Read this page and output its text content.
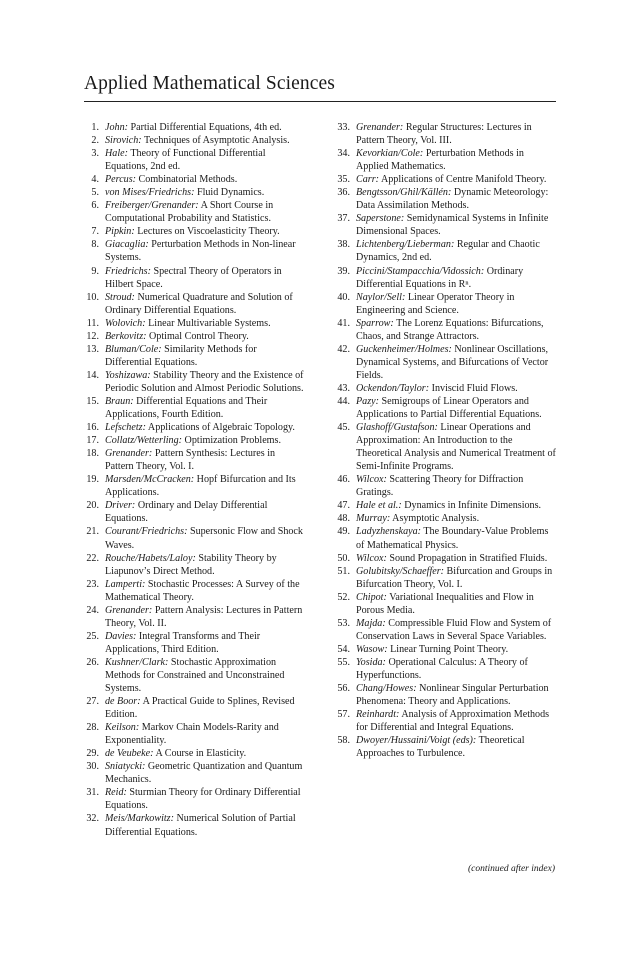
Applied Mathematical Sciences
1. John: Partial Differential Equations, 4th ed.
2. Sirovich: Techniques of Asymptotic Analysis.
3. Hale: Theory of Functional Differential Equations, 2nd ed.
4. Percus: Combinatorial Methods.
5. von Mises/Friedrichs: Fluid Dynamics.
6. Freiberger/Grenander: A Short Course in Computational Probability and Statistics.
7. Pipkin: Lectures on Viscoelasticity Theory.
8. Giacaglia: Perturbation Methods in Non-linear Systems.
9. Friedrichs: Spectral Theory of Operators in Hilbert Space.
10. Stroud: Numerical Quadrature and Solution of Ordinary Differential Equations.
11. Wolovich: Linear Multivariable Systems.
12. Berkovitz: Optimal Control Theory.
13. Bluman/Cole: Similarity Methods for Differential Equations.
14. Yoshizawa: Stability Theory and the Existence of Periodic Solution and Almost Periodic Solutions.
15. Braun: Differential Equations and Their Applications, Fourth Edition.
16. Lefschetz: Applications of Algebraic Topology.
17. Collatz/Wetterling: Optimization Problems.
18. Grenander: Pattern Synthesis: Lectures in Pattern Theory, Vol. I.
19. Marsden/McCracken: Hopf Bifurcation and Its Applications.
20. Driver: Ordinary and Delay Differential Equations.
21. Courant/Friedrichs: Supersonic Flow and Shock Waves.
22. Rouche/Habets/Laloy: Stability Theory by Liapunov’s Direct Method.
23. Lamperti: Stochastic Processes: A Survey of the Mathematical Theory.
24. Grenander: Pattern Analysis: Lectures in Pattern Theory, Vol. II.
25. Davies: Integral Transforms and Their Applications, Third Edition.
26. Kushner/Clark: Stochastic Approximation Methods for Constrained and Unconstrained Systems.
27. de Boor: A Practical Guide to Splines, Revised Edition.
28. Keilson: Markov Chain Models-Rarity and Exponentiality.
29. de Veubeke: A Course in Elasticity.
30. Sniatycki: Geometric Quantization and Quantum Mechanics.
31. Reid: Sturmian Theory for Ordinary Differential Equations.
32. Meis/Markowitz: Numerical Solution of Partial Differential Equations.
33. Grenander: Regular Structures: Lectures in Pattern Theory, Vol. III.
34. Kevorkian/Cole: Perturbation Methods in Applied Mathematics.
35. Carr: Applications of Centre Manifold Theory.
36. Bengtsson/Ghil/Källén: Dynamic Meteorology: Data Assimilation Methods.
37. Saperstone: Semidynamical Systems in Infinite Dimensional Spaces.
38. Lichtenberg/Lieberman: Regular and Chaotic Dynamics, 2nd ed.
39. Piccini/Stampacchia/Vidossich: Ordinary Differential Equations in Rⁿ.
40. Naylor/Sell: Linear Operator Theory in Engineering and Science.
41. Sparrow: The Lorenz Equations: Bifurcations, Chaos, and Strange Attractors.
42. Guckenheimer/Holmes: Nonlinear Oscillations, Dynamical Systems, and Bifurcations of Vector Fields.
43. Ockendon/Taylor: Inviscid Fluid Flows.
44. Pazy: Semigroups of Linear Operators and Applications to Partial Differential Equations.
45. Glashoff/Gustafson: Linear Operations and Approximation: An Introduction to the Theoretical Analysis and Numerical Treatment of Semi-Infinite Programs.
46. Wilcox: Scattering Theory for Diffraction Gratings.
47. Hale et al.: Dynamics in Infinite Dimensions.
48. Murray: Asymptotic Analysis.
49. Ladyzhenskaya: The Boundary-Value Problems of Mathematical Physics.
50. Wilcox: Sound Propagation in Stratified Fluids.
51. Golubitsky/Schaeffer: Bifurcation and Groups in Bifurcation Theory, Vol. I.
52. Chipot: Variational Inequalities and Flow in Porous Media.
53. Majda: Compressible Fluid Flow and System of Conservation Laws in Several Space Variables.
54. Wasow: Linear Turning Point Theory.
55. Yosida: Operational Calculus: A Theory of Hyperfunctions.
56. Chang/Howes: Nonlinear Singular Perturbation Phenomena: Theory and Applications.
57. Reinhardt: Analysis of Approximation Methods for Differential and Integral Equations.
58. Dwoyer/Hussaini/Voigt (eds): Theoretical Approaches to Turbulence.
(continued after index)
